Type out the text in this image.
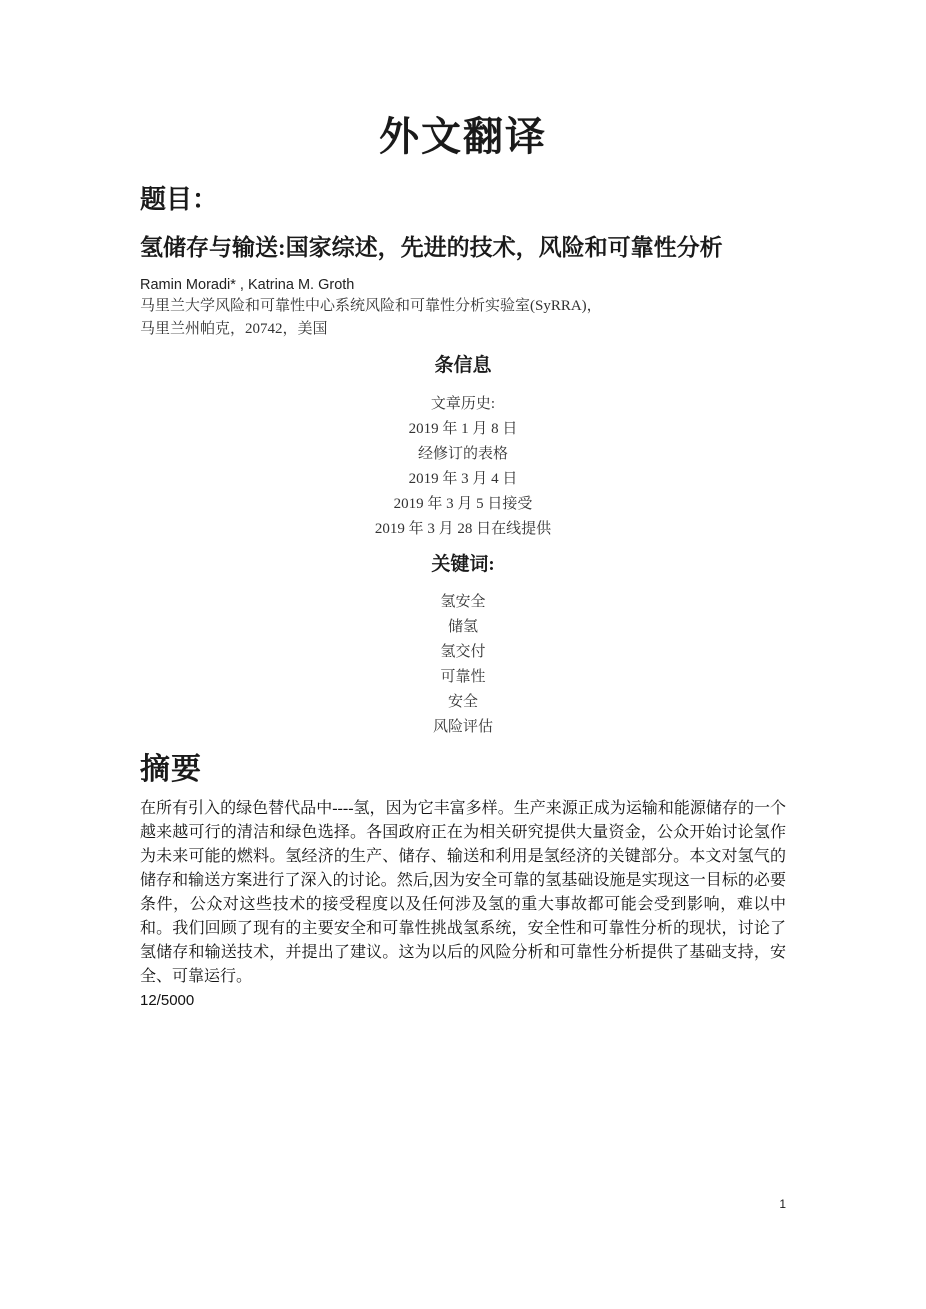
外文翻译
题目：
氢储存与输送:国家综述，先进的技术，风险和可靠性分析
Ramin Moradi* , Katrina M. Groth
马里兰大学风险和可靠性中心系统风险和可靠性分析实验室(SyRRA)，
马里兰州帕克，20742，美国
条信息
文章历史:
2019 年 1 月 8 日
经修订的表格
2019 年 3 月 4 日
2019 年 3 月 5 日接受
2019 年 3 月 28 日在线提供
关键词:
氢安全
储氢
氢交付
可靠性
安全
风险评估
摘要

在所有引入的绿色替代品中----氢，因为它丰富多样。生产来源正成为运输和能源储存的一个越来越可行的清洁和绿色选择。各国政府正在为相关研究提供大量资金，公众开始讨论氢作为未来可能的燃料。氢经济的生产、储存、输送和利用是氢经济的关键部分。本文对氢气的储存和输送方案进行了深入的讨论。然后,因为安全可靠的氢基础设施是实现这一目标的必要条件，公众对这些技术的接受程度以及任何涉及氢的重大事故都可能会受到影响，难以中和。我们回顾了现有的主要安全和可靠性挑战氢系统，安全性和可靠性分析的现状，讨论了氢储存和输送技术，并提出了建议。这为以后的风险分析和可靠性分析提供了基础支持，安全、可靠运行。

12/5000
1
